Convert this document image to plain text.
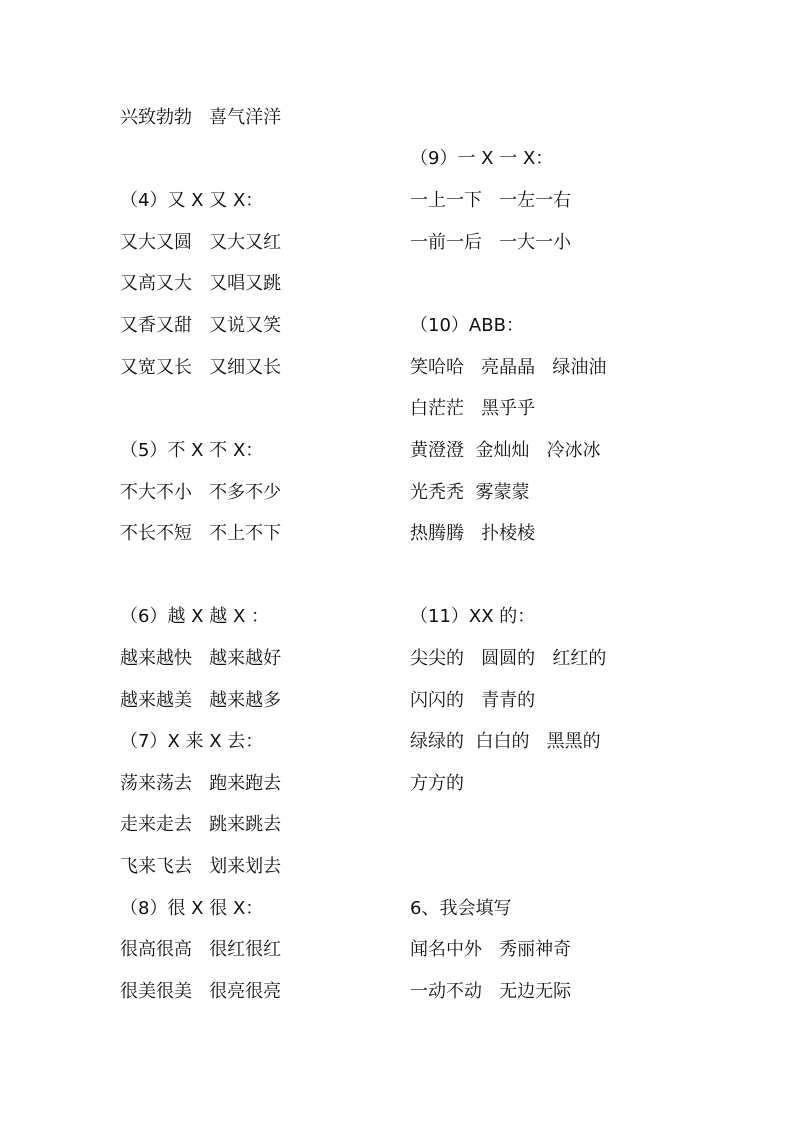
兴致勃勃   喜气洋洋
（4）又 X 又 X：
又大又圆   又大又红
又高又大   又唱又跳
又香又甜   又说又笑
又宽又长   又细又长
（5）不 X 不 X：
不大不小   不多不少
不长不短   不上不下
（6）越 X 越 X ：
越来越快   越来越好
越来越美   越来越多
（7）X 来 X 去：
荡来荡去   跑来跑去
走来走去   跳来跳去
飞来飞去   划来划去
（8）很 X 很 X：
很高很高   很红很红
很美很美   很亮很亮
（9）一 X 一 X：
一上一下   一左一右
一前一后   一大一小
（10）ABB：
笑哈哈   亮晶晶   绿油油
白茫茫   黑乎乎
黄澄澄  金灿灿   冷冰冰
光秃秃  雾蒙蒙
热腾腾   扑棱棱
（11）XX 的：
尖尖的   圆圆的   红红的
闪闪的   青青的
绿绿的  白白的   黑黑的
方方的
6、我会填写
闻名中外   秀丽神奇
一动不动   无边无际
